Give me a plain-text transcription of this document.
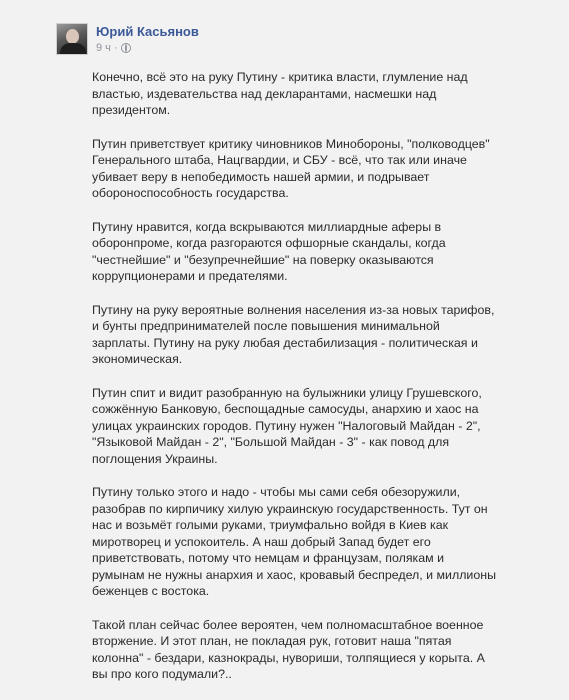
Юрий Касьянов
9 ч ·

Конечно, всё это на руку Путину - критика власти, глумление над
властью, издевательства над декларантами, насмешки над
президентом.

Путин приветствует критику чиновников Минобороны, "полководцев"
Генерального штаба, Нацгвардии, и СБУ - всё, что так или иначе
убивает веру в непобедимость нашей армии, и подрывает
обороноспособность государства.

Путину нравится, когда вскрываются миллиардные аферы в
оборонпроме, когда разгораются офшорные скандалы, когда
"честнейшие" и "безупречнейшие" на поверку оказываются
коррупционерами и предателями.

Путину на руку вероятные волнения населения из-за новых тарифов,
и бунты предпринимателей после повышения минимальной
зарплаты. Путину на руку любая дестабилизация - политическая и
экономическая.

Путин спит и видит разобранную на булыжники улицу Грушевского,
сожжённую Банковую, беспощадные самосуды, анархию и хаос на
улицах украинских городов. Путину нужен "Налоговый Майдан - 2",
"Языковой Майдан - 2", "Большой Майдан - 3" - как повод для
поглощения Украины.

Путину только этого и надо - чтобы мы сами себя обезоружили,
разобрав по кирпичику хилую украинскую государственность. Тут он
нас и возьмёт голыми руками, триумфально войдя в Киев как
миротворец и успокоитель. А наш добрый Запад будет его
приветствовать, потому что немцам и французам, полякам и
румынам не нужны анархия и хаос, кровавый беспредел, и миллионы
беженцев с востока.

Такой план сейчас более вероятен, чем полномасштабное военное
вторжение. И этот план, не покладая рук, готовит наша "пятая
колонна" - бездари, казнокрады, нувориши, толпящиеся у корыта. А
вы про кого подумали?..
